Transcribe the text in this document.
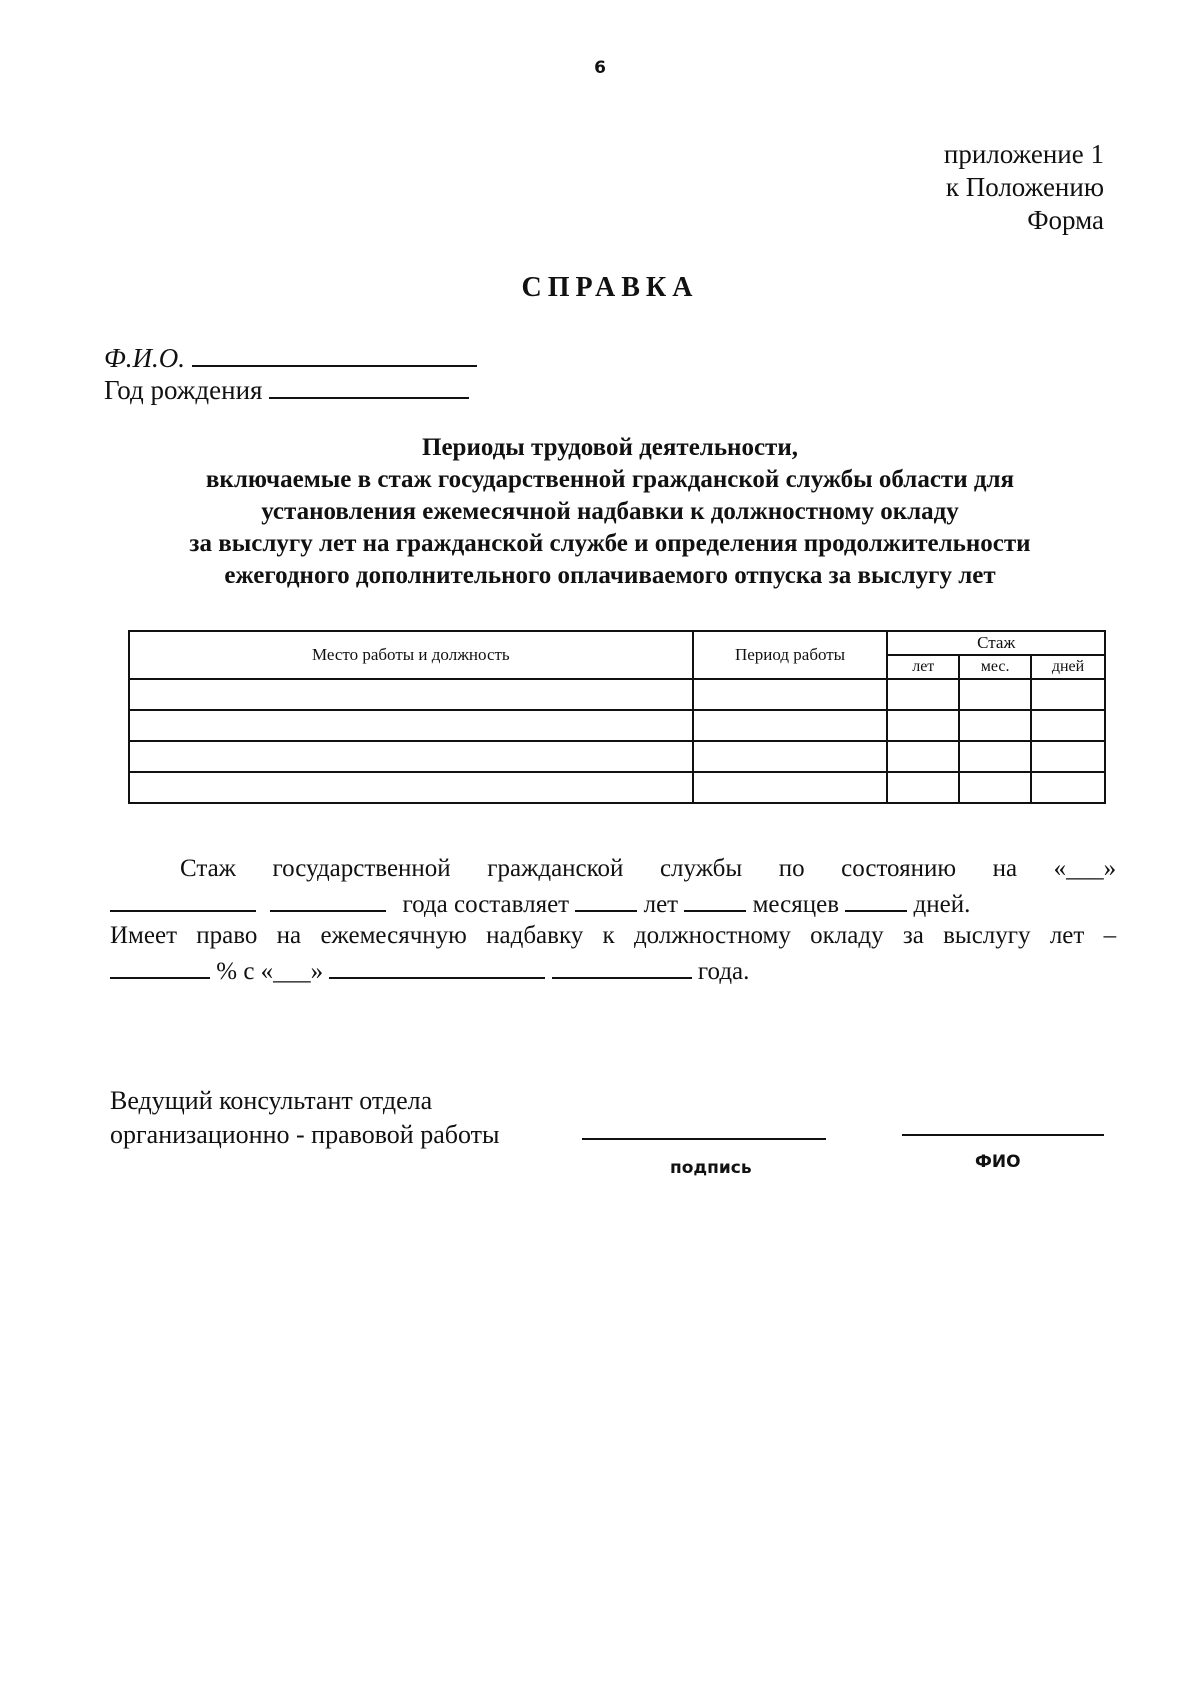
6
приложение 1
к Положению
Форма
СПРАВКА
Ф.И.О.
Год рождения
Периоды трудовой деятельности,
включаемые в стаж государственной гражданской службы области для
установления ежемесячной надбавки к должностному окладу
за выслугу лет на гражданской службе и определения продолжительности
ежегодного дополнительного оплачиваемого отпуска за выслугу лет
Место работы и должность	Период работы	Стаж		
		лет	мес.	дней

Стаж государственной гражданской службы по состоянию на «___»
года составляет	лет	месяцев	дней.
Имеет право на ежемесячную надбавку к должностному окладу за выслугу лет –
% с «___»	года.
Ведущий консультант отдела
организационно - правовой работы
подпись	ФИО
